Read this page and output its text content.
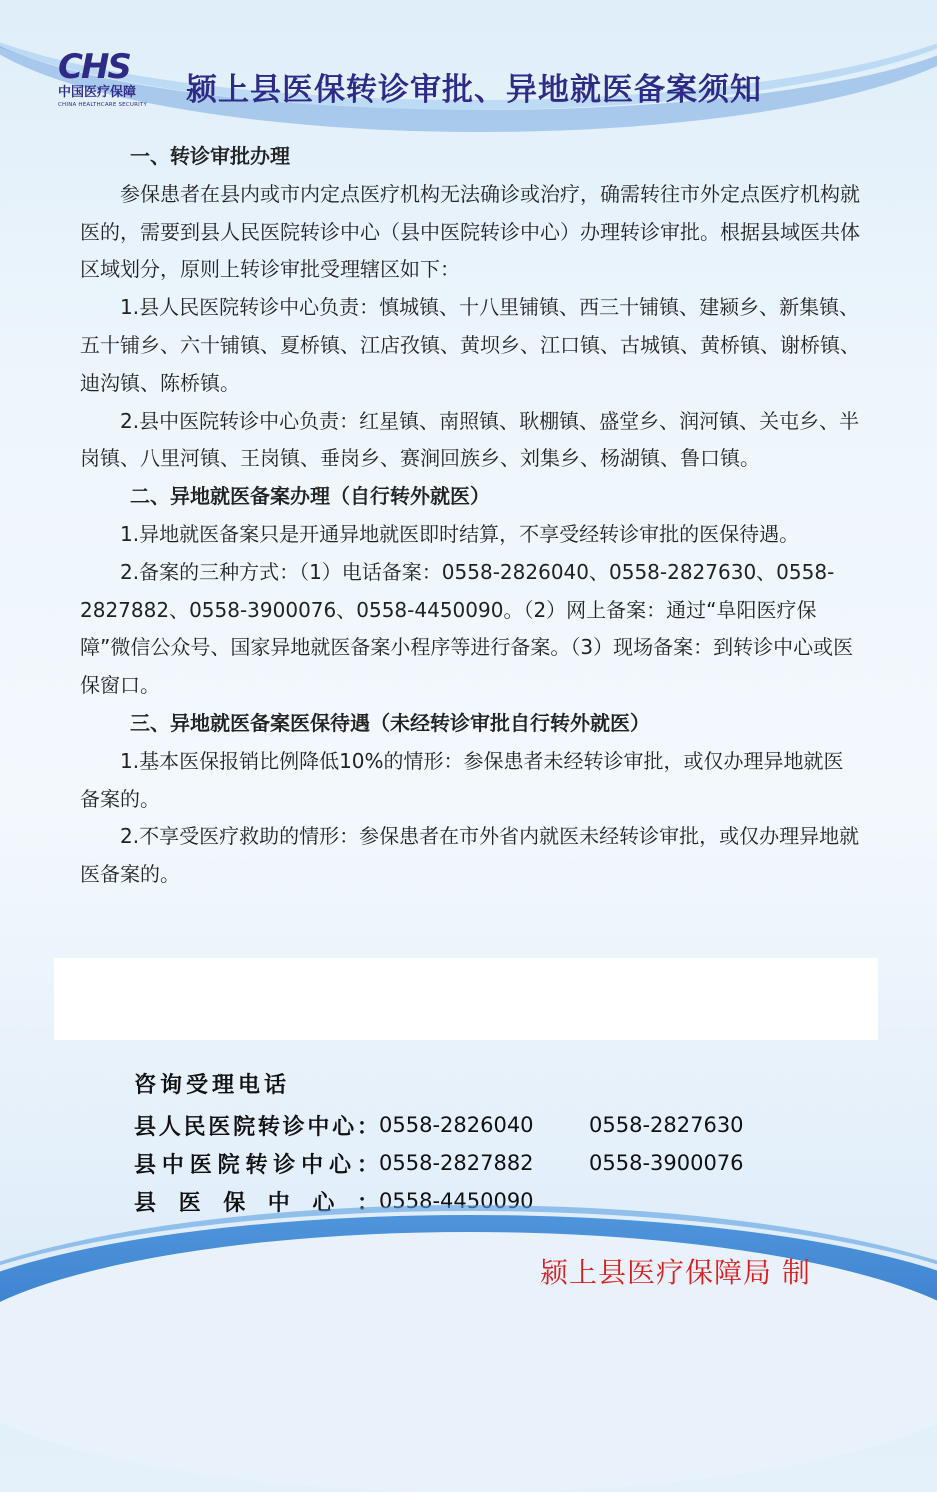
CHS
中国医疗保障
CHINA HEALTHCARE SECURITY	颍上县医保转诊审批、异地就医备案须知

一、转诊审批办理

参保患者在县内或市内定点医疗机构无法确诊或治疗，确需转往市外定点医疗机构就医的，需要到县人民医院转诊中心（县中医院转诊中心）办理转诊审批。根据县域医共体区域划分，原则上转诊审批受理辖区如下：

1.县人民医院转诊中心负责：慎城镇、十八里铺镇、西三十铺镇、建颍乡、新集镇、五十铺乡、六十铺镇、夏桥镇、江店孜镇、黄坝乡、江口镇、古城镇、黄桥镇、谢桥镇、迪沟镇、陈桥镇。

2.县中医院转诊中心负责：红星镇、南照镇、耿棚镇、盛堂乡、润河镇、关屯乡、半岗镇、八里河镇、王岗镇、垂岗乡、赛涧回族乡、刘集乡、杨湖镇、鲁口镇。

二、异地就医备案办理（自行转外就医）

1.异地就医备案只是开通异地就医即时结算，不享受经转诊审批的医保待遇。

2.备案的三种方式：（1）电话备案：0558-2826040、0558-2827630、0558-2827882、0558-3900076、0558-4450090。（2）网上备案：通过“阜阳医疗保障”微信公众号、国家异地就医备案小程序等进行备案。（3）现场备案：到转诊中心或医保窗口。

三、异地就医备案医保待遇（未经转诊审批自行转外就医）

1.基本医保报销比例降低10%的情形：参保患者未经转诊审批，或仅办理异地就医备案的。

2.不享受医疗救助的情形：参保患者在市外省内就医未经转诊审批，或仅办理异地就医备案的。

咨询受理电话
县 人 民 医 院 转 诊 中 心 ： 0558-2826040	0558-2827630
县 中 医 院 转 诊 中 心 ： 0558-2827882	0558-3900076
县 医 保 中 心 ： 0558-4450090
颍上县医疗保障局 制
